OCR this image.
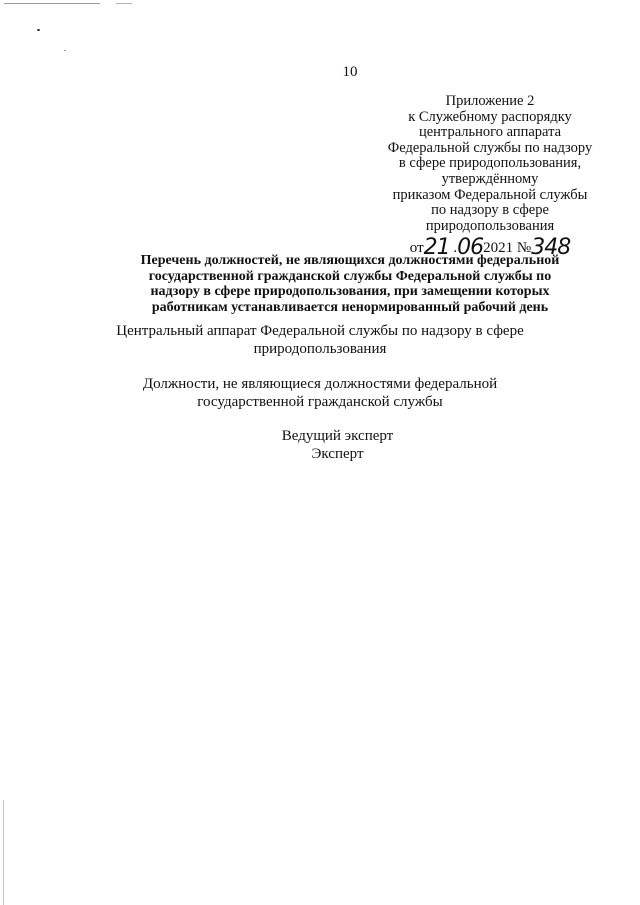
10
Приложение 2
к Служебному распорядку
центрального аппарата
Федеральной службы по надзору
в сфере природопользования,
утверждённому
приказом Федеральной службы
по надзору в сфере
природопользования
от21 .062021 №348
Перечень должностей, не являющихся должностями федеральной
государственной гражданской службы Федеральной службы по
надзору в сфере природопользования, при замещении которых
работникам устанавливается ненормированный рабочий день
Центральный аппарат Федеральной службы по надзору в сфере
природопользования
Должности, не являющиеся должностями федеральной
государственной гражданской службы
Ведущий эксперт
Эксперт
